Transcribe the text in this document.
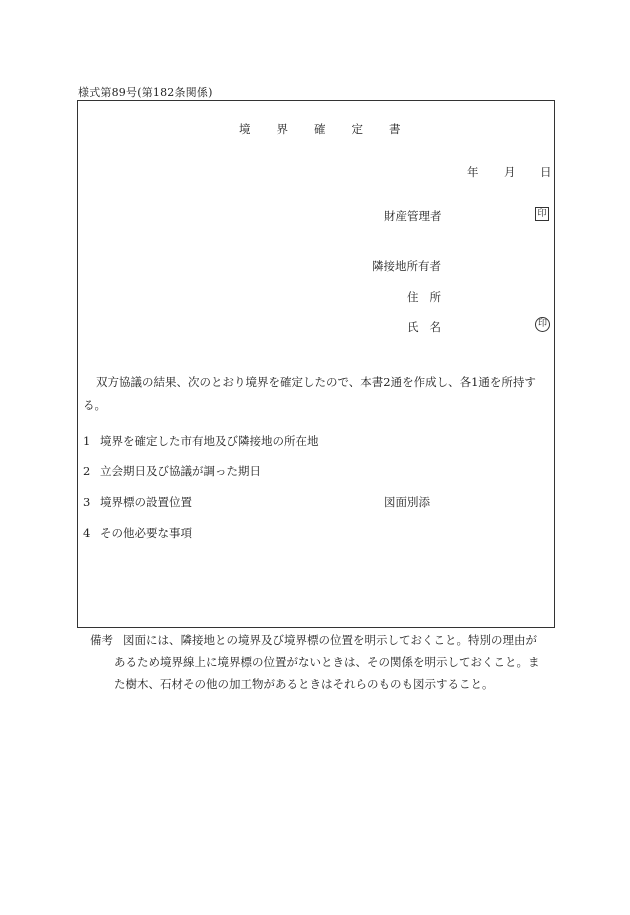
様式第89号(第182条関係)
境 界 確 定 書
年 月 日
財産管理者	印
隣接地所有者
住 所
氏 名	印
双方協議の結果、次のとおり境界を確定したので、本書2通を作成し、各1通を所持す
る。
1 境界を確定した市有地及び隣接地の所在地
2 立会期日及び協議が調った期日
3 境界標の設置位置	図面別添
4 その他必要な事項
備考 図面には、隣接地との境界及び境界標の位置を明示しておくこと。特別の理由が
あるため境界線上に境界標の位置がないときは、その関係を明示しておくこと。ま
た樹木、石材その他の加工物があるときはそれらのものも図示すること。
